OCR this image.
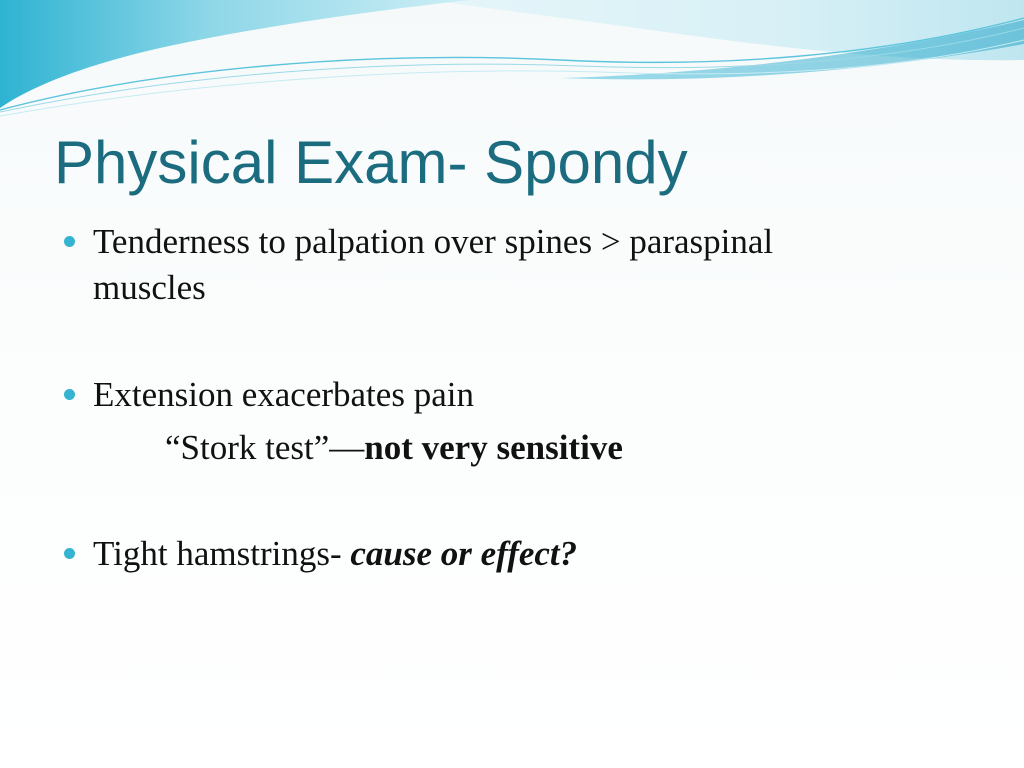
Physical Exam- Spondy
Tenderness to palpation over spines > paraspinal
muscles
Extension exacerbates pain
“Stork test”—not very sensitive
Tight hamstrings- cause or effect?
